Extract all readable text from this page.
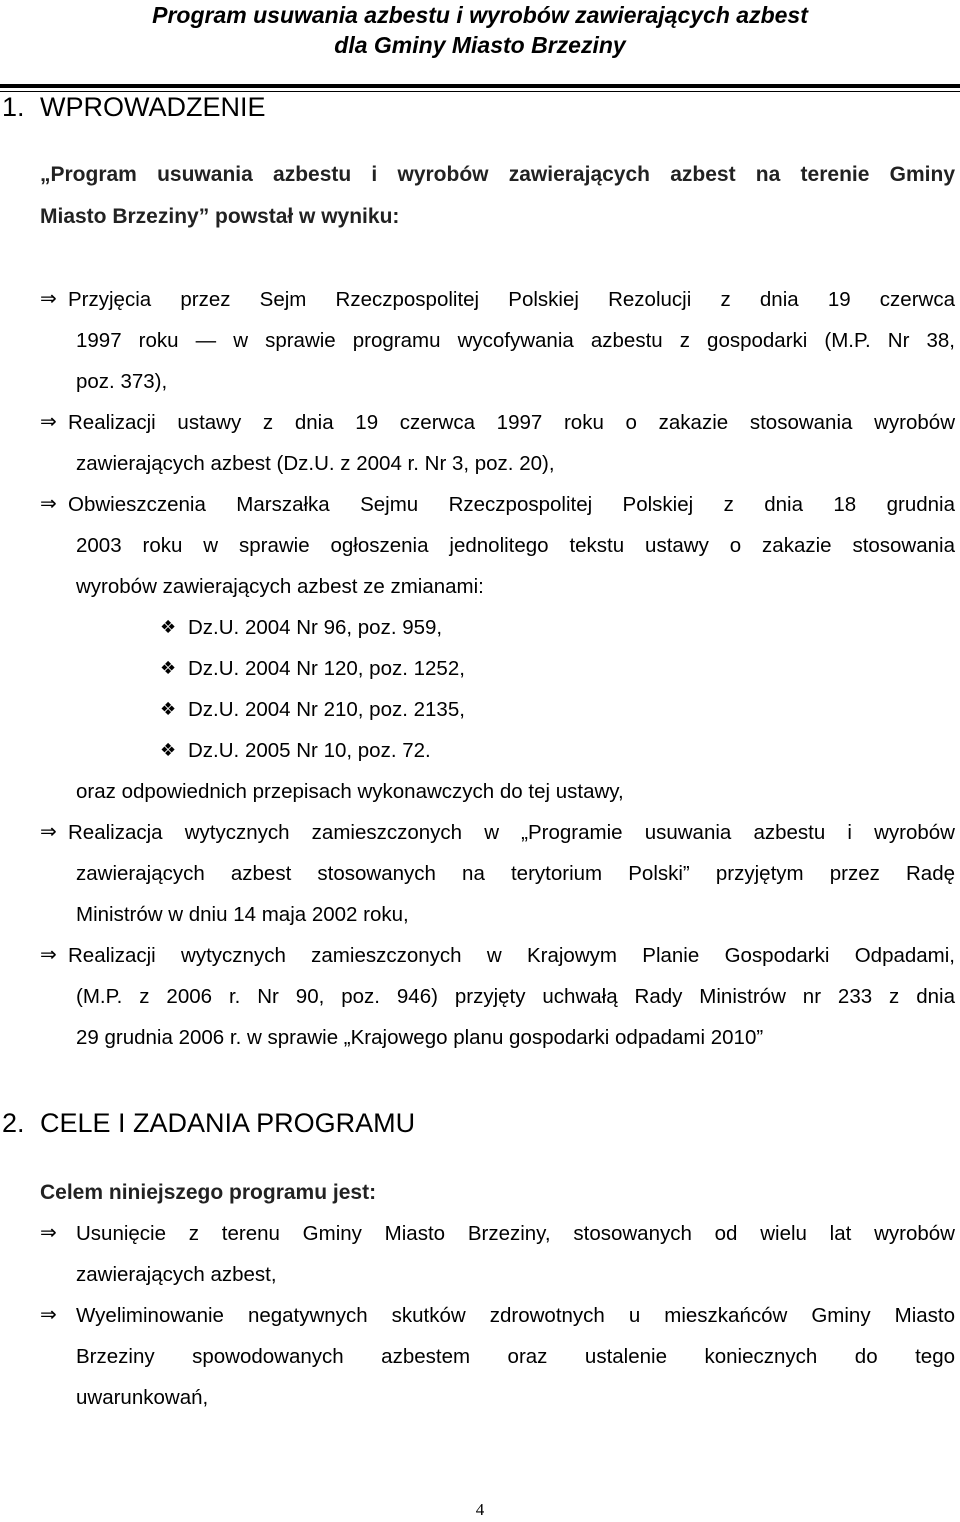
Program usuwania azbestu i wyrobów zawierających azbest
dla Gminy Miasto Brzeziny
1. WPROWADZENIE
„Program usuwania azbestu i wyrobów zawierających azbest na terenie Gminy
Miasto Brzeziny” powstał w wyniku:
⇒ Przyjęcia przez Sejm Rzeczpospolitej Polskiej Rezolucji z dnia 19 czerwca
1997 roku — w sprawie programu wycofywania azbestu z gospodarki (M.P. Nr 38,
poz. 373),
⇒ Realizacji ustawy z dnia 19 czerwca 1997 roku o zakazie stosowania wyrobów
zawierających azbest (Dz.U. z 2004 r. Nr 3, poz. 20),
⇒ Obwieszczenia Marszałka Sejmu Rzeczpospolitej Polskiej z dnia 18 grudnia
2003 roku w sprawie ogłoszenia jednolitego tekstu ustawy o zakazie stosowania
wyrobów zawierających azbest ze zmianami:
❖ Dz.U. 2004 Nr 96, poz. 959,
❖ Dz.U. 2004 Nr 120, poz. 1252,
❖ Dz.U. 2004 Nr 210, poz. 2135,
❖ Dz.U. 2005 Nr 10, poz. 72.
oraz odpowiednich przepisach wykonawczych do tej ustawy,
⇒ Realizacja wytycznych zamieszczonych w „Programie usuwania azbestu i wyrobów
zawierających azbest stosowanych na terytorium Polski” przyjętym przez Radę
Ministrów w dniu 14 maja 2002 roku,
⇒ Realizacji wytycznych zamieszczonych w Krajowym Planie Gospodarki Odpadami,
(M.P. z 2006 r. Nr 90, poz. 946) przyjęty uchwałą Rady Ministrów nr 233 z dnia
29 grudnia 2006 r. w sprawie „Krajowego planu gospodarki odpadami 2010”
2. CELE I ZADANIA PROGRAMU
Celem niniejszego programu jest:
⇒ Usunięcie z terenu Gminy Miasto Brzeziny, stosowanych od wielu lat wyrobów
zawierających azbest,
⇒ Wyeliminowanie negatywnych skutków zdrowotnych u mieszkańców Gminy Miasto
Brzeziny spowodowanych azbestem oraz ustalenie koniecznych do tego
uwarunkowań,
4
